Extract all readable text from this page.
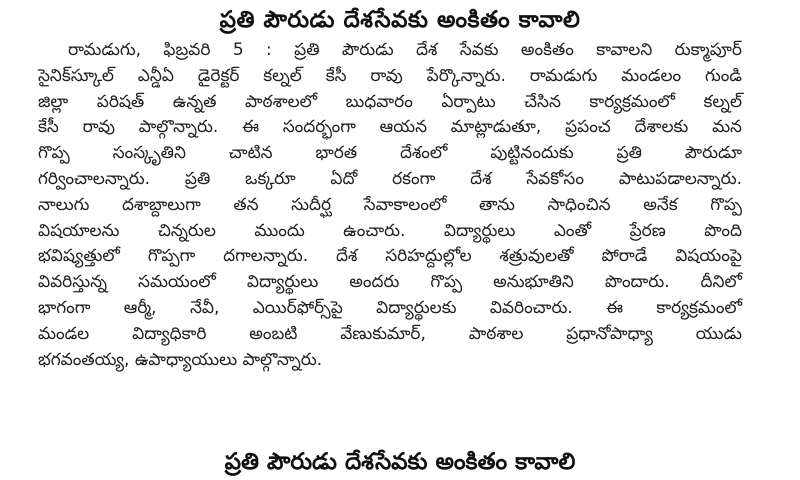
ప్రతి పౌరుడు దేశసేవకు అంకితం కావాలి
రామడుగు, ఫిబ్రవరి 5 : ప్రతి పౌరుడు దేశ సేవకు అంకితం కావాలని రుక్మాపూర్
సైనిక్‌స్కూల్ ఎన్డీఏ డైరెక్టర్ కల్నల్ కేసీ రావు పేర్కొన్నారు. రామడుగు మండలం గుండి
జిల్లా పరిషత్ ఉన్నత పాఠశాలలో బుధవారం ఏర్పాటు చేసిన కార్యక్రమంలో కల్నల్
కేసీ రావు పాల్గొన్నారు. ఈ సందర్భంగా ఆయన మాట్లాడుతూ, ప్రపంచ దేశాలకు మన
గొప్ప సంస్కృతిని చాటిన భారత దేశంలో పుట్టినందుకు ప్రతి పౌరుడూ
గర్వించాలన్నారు. ప్రతి ఒక్కరూ ఏదో రకంగా దేశ సేవకోసం పాటుపడాలన్నారు.
నాలుగు దశాబ్దాలుగా తన సుదీర్ఘ సేవాకాలంలో తాను సాధించిన అనేక గొప్ప
విషయాలను చిన్నరుల ముందు ఉంచారు. విద్యార్థులు ఎంతో ప్రేరణ పొంది
భవిష్యత్తులో గొప్పగా దగాలన్నారు. దేశ సరిహద్దుల్లోల శత్రువులతో పోరాడే విషయంపై
వివరిస్తున్న సమయంలో విద్యార్థులు అందరు గొప్ప అనుభూతిని పొందారు. దీనిలో
భాగంగా ఆర్మీ, నేవీ, ఎయిర్‌ఫోర్స్‌పై విద్యార్థులకు వివరించారు. ఈ కార్యక్రమంలో
మండల విద్యాధికారి అంబటి వేణుకుమార్, పాఠశాల ప్రధానోపాధ్యా యుడు
భగవంతయ్య, ఉపాధ్యాయులు పాల్గొన్నారు.
ప్రతి పౌరుడు దేశసేవకు అంకితం కావాలి
